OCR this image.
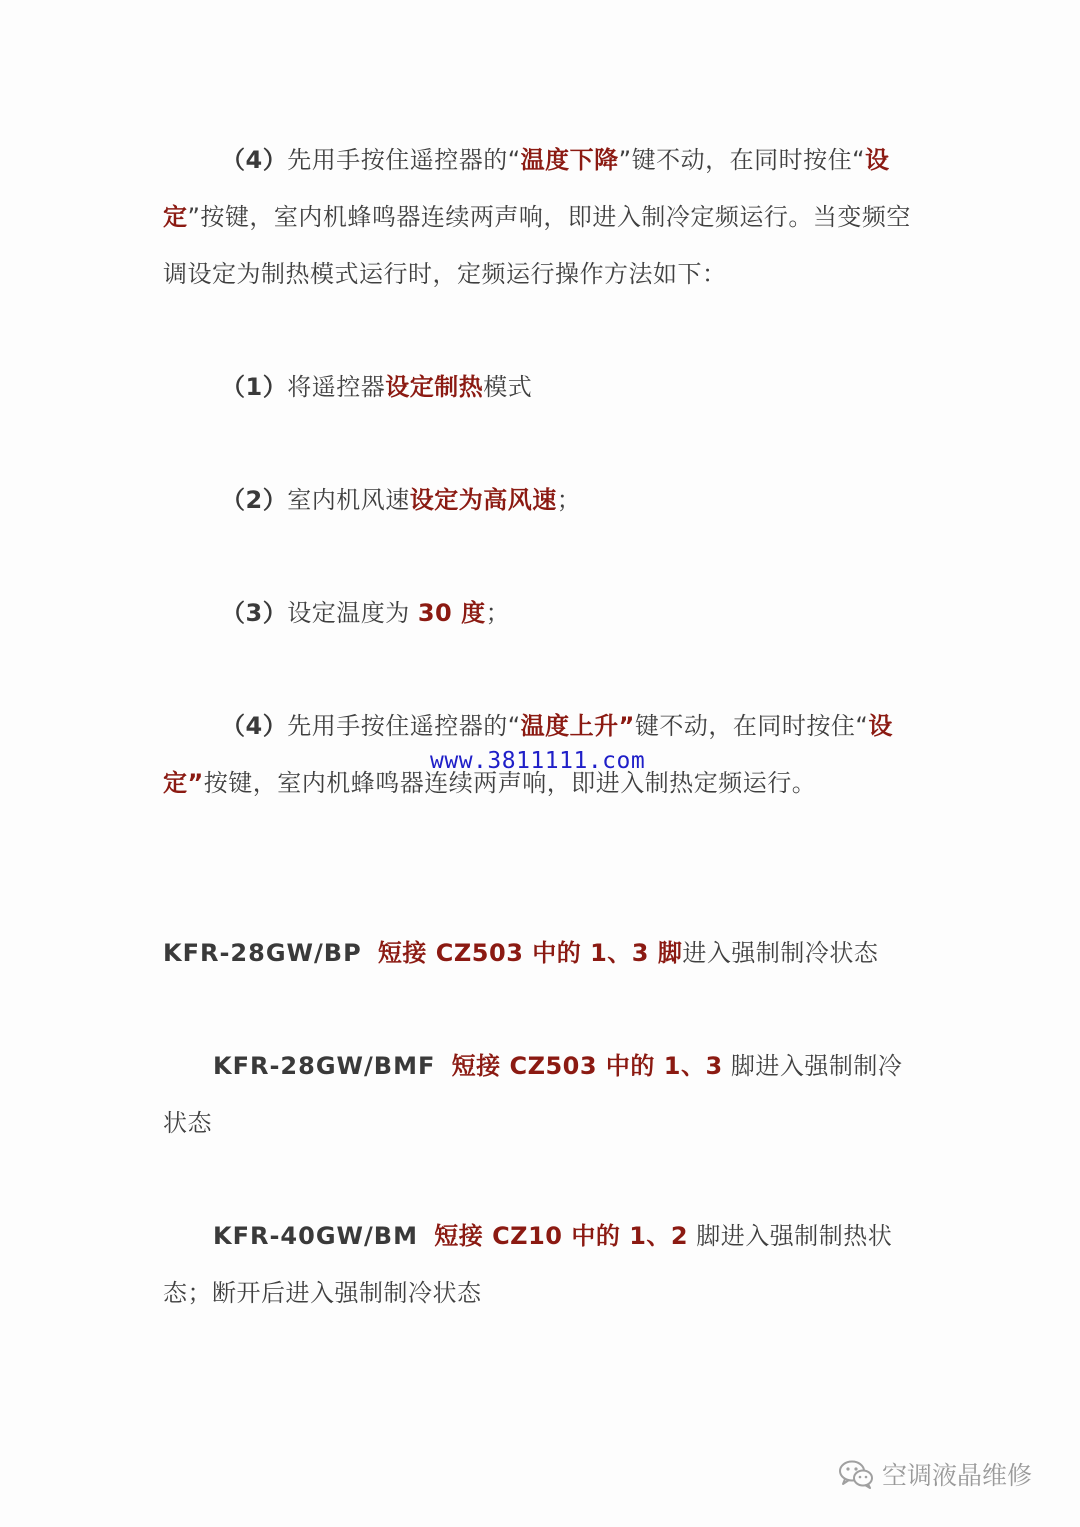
（4）先用手按住遥控器的“温度下降”键不动，在同时按住“设定”按键，室内机蜂鸣器连续两声响，即进入制冷定频运行。当变频空调设定为制热模式运行时，定频运行操作方法如下：

（1）将遥控器设定制热模式

（2）室内机风速设定为高风速；

（3）设定温度为 30 度；

（4）先用手按住遥控器的“温度上升”键不动，在同时按住“设定”按键，室内机蜂鸣器连续两声响，即进入制热定频运行。

www.3811111.com

KFR-28GW/BP 短接 CZ503 中的 1、3 脚进入强制制冷状态

KFR-28GW/BMF 短接 CZ503 中的 1、3 脚进入强制制冷状态

KFR-40GW/BM 短接 CZ10 中的 1、2 脚进入强制制热状态；断开后进入强制制冷状态

空调液晶维修
